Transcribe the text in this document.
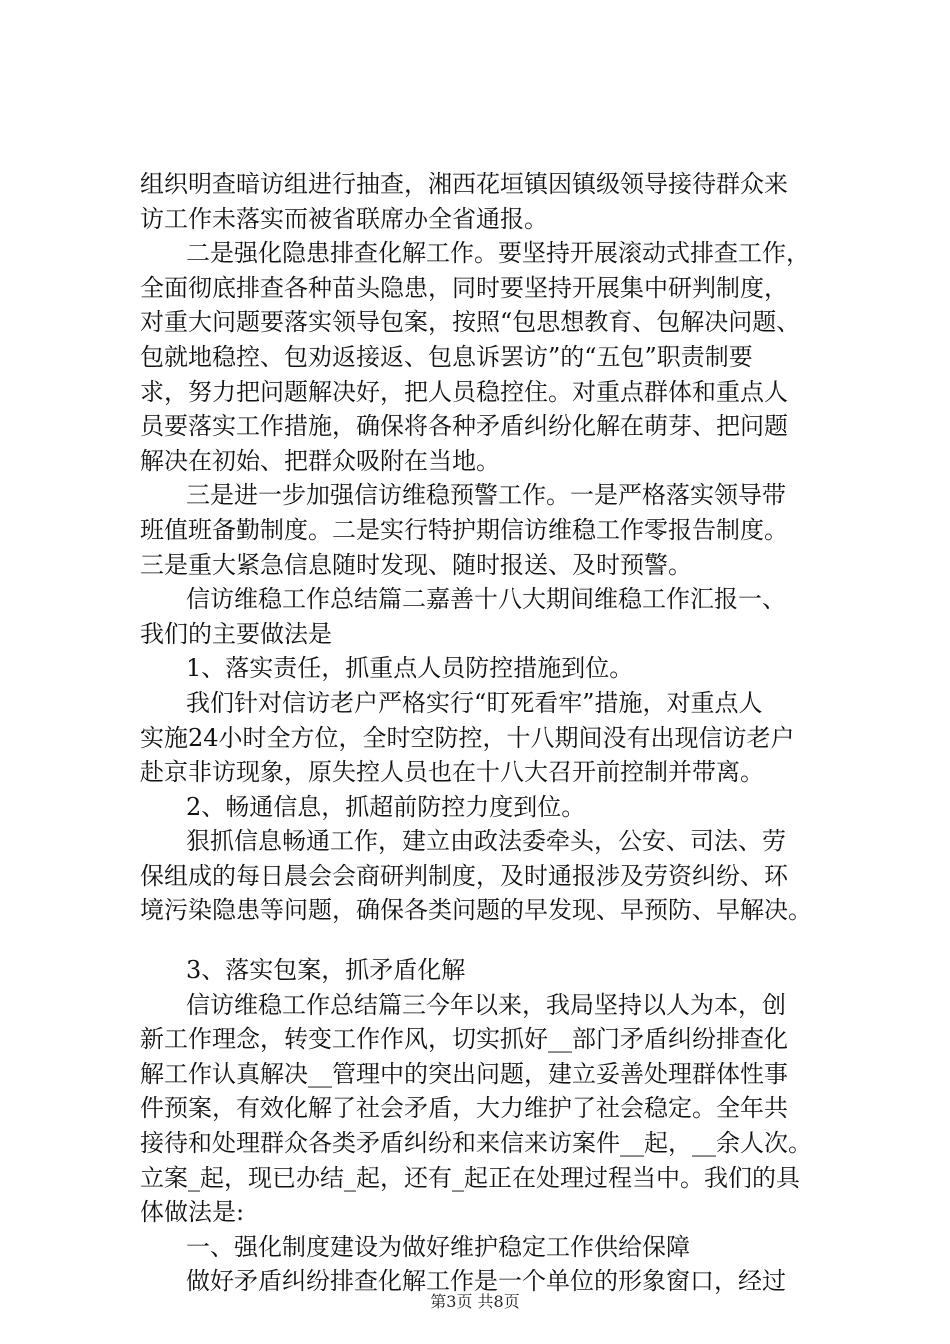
组织明查暗访组进行抽查，湘西花垣镇因镇级领导接待群众来
访工作未落实而被省联席办全省通报。
二是强化隐患排查化解工作。要坚持开展滚动式排查工作，
全面彻底排查各种苗头隐患，同时要坚持开展集中研判制度，
对重大问题要落实领导包案，按照“包思想教育、包解决问题、
包就地稳控、包劝返接返、包息诉罢访”的“五包”职责制要
求，努力把问题解决好，把人员稳控住。对重点群体和重点人
员要落实工作措施，确保将各种矛盾纠纷化解在萌芽、把问题
解决在初始、把群众吸附在当地。
三是进一步加强信访维稳预警工作。一是严格落实领导带
班值班备勤制度。二是实行特护期信访维稳工作零报告制度。
三是重大紧急信息随时发现、随时报送、及时预警。
信访维稳工作总结篇二嘉善十八大期间维稳工作汇报一、
我们的主要做法是
1、落实责任，抓重点人员防控措施到位。
我们针对信访老户严格实行“盯死看牢”措施，对重点人
实施24小时全方位，全时空防控，十八期间没有出现信访老户
赴京非访现象，原失控人员也在十八大召开前控制并带离。
2、畅通信息，抓超前防控力度到位。
狠抓信息畅通工作，建立由政法委牵头，公安、司法、劳
保组成的每日晨会会商研判制度，及时通报涉及劳资纠纷、环
境污染隐患等问题，确保各类问题的早发现、早预防、早解决。
3、落实包案，抓矛盾化解
信访维稳工作总结篇三今年以来，我局坚持以人为本，创
新工作理念，转变工作作风，切实抓好__部门矛盾纠纷排查化
解工作认真解决__管理中的突出问题，建立妥善处理群体性事
件预案，有效化解了社会矛盾，大力维护了社会稳定。全年共
接待和处理群众各类矛盾纠纷和来信来访案件__起，__余人次。
立案_起，现已办结_起，还有_起正在处理过程当中。我们的具
体做法是:
一、强化制度建设为做好维护稳定工作供给保障
做好矛盾纠纷排查化解工作是一个单位的形象窗口，经过
第3页 共8页
